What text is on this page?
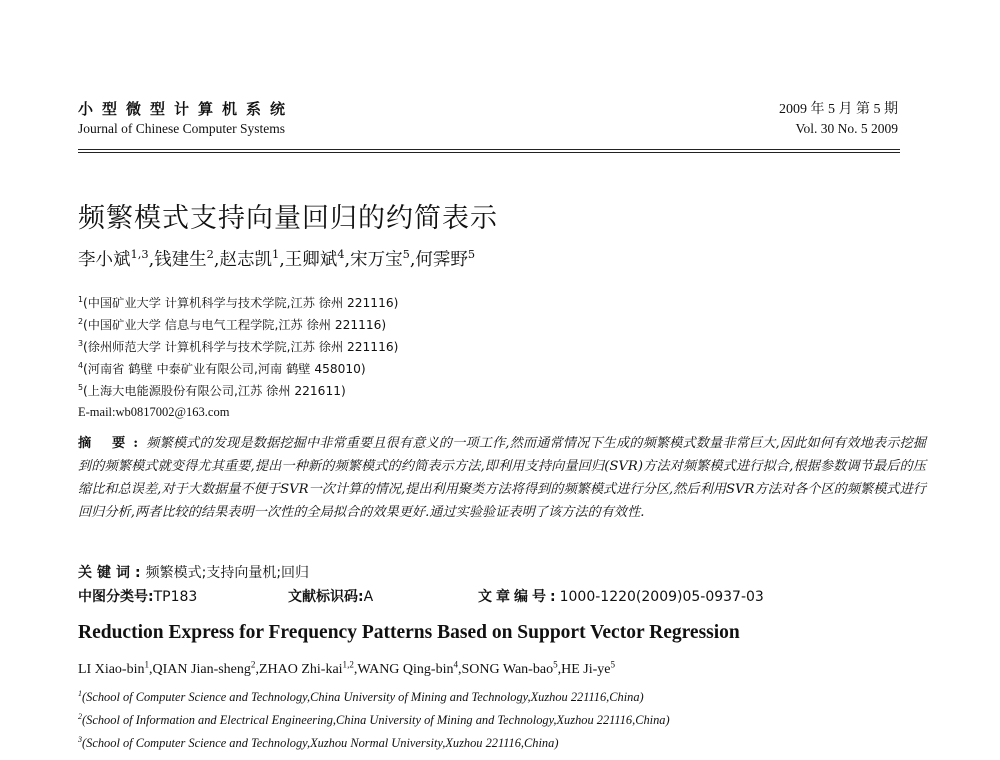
小型微型计算机系统
Journal of Chinese Computer Systems
2009 年 5 月 第 5 期
Vol. 30 No. 5 2009
频繁模式支持向量回归的约简表示
李小斌$^{1,3}$,钱建生$^2$,赵志凯$^1$,王卿斌$^4$,宋万宝$^5$,何霁野$^5$
$^1$(中国矿业大学 计算机科学与技术学院,江苏 徐州 221116)
$^2$(中国矿业大学 信息与电气工程学院,江苏 徐州 221116)
$^3$(徐州师范大学 计算机科学与技术学院,江苏 徐州 221116)
$^4$(河南省 鹤壁 中泰矿业有限公司,河南 鹤壁 458010)
$^5$(上海大电能源股份有限公司,江苏 徐州 221611)
E-mail:wb0817002@163.com
摘 要:频繁模式的发现是数据挖掘中非常重要且很有意义的一项工作,然而通常情况下生成的频繁模式数量非常巨大,因此如何有效地表示挖掘到的频繁模式就变得尤其重要,提出一种新的频繁模式的约简表示方法,即利用支持向量回归(SVR)方法对频繁模式进行拟合,根据参数调节最后的压缩比和总误差,对于大数据量不便于SVR一次计算的情况,提出利用聚类方法将得到的频繁模式进行分区,然后利用SVR方法对各个区的频繁模式进行回归分析,两者比较的结果表明一次性的全局拟合的效果更好.通过实验验证表明了该方法的有效性.
关键词:频繁模式;支持向量机;回归
中图分类号:TP183	文献标识码:A	文章编号:1000-1220(2009)05-0937-03
Reduction Express for Frequency Patterns Based on Support Vector Regression
LI Xiao-bin$^1$,QIAN Jian-sheng$^2$,ZHAO Zhi-kai$^{1,2}$,WANG Qing-bin$^4$,SONG Wan-bao$^5$,HE $Ji-ye^5$
$^1$(School of Computer Science and Technology,China University of Mining and Technology,Xuzhou 221116,China)
$^2$(School of Information and Electrical Engineering,China University of Mining and Technology,Xuzhou 221116,China)
$^3$(School of Computer Science and Technology,Xuzhou Normal University,Xuzhou 221116,China)
